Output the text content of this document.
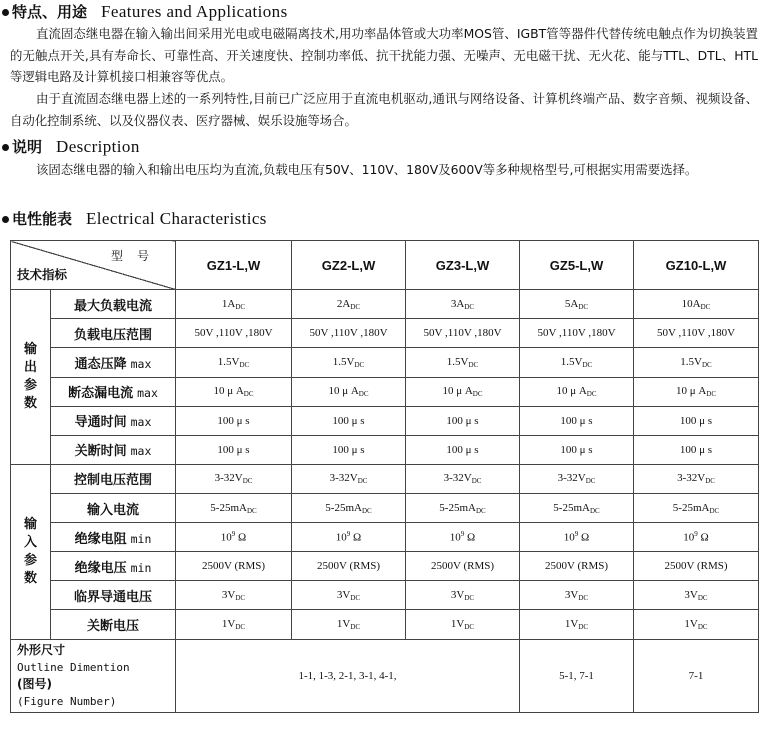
特点、用途 Features and Applications

直流固态继电器在输入输出间采用光电或电磁隔离技术,用功率晶体管或大功率MOS管、IGBT管等器件代替传统电触点作为切换装置的无触点开关,具有寿命长、可靠性高、开关速度快、控制功率低、抗干扰能力强、无噪声、无电磁干扰、无火花、能与TTL、DTL、HTL等逻辑电路及计算机接口相兼容等优点。

由于直流固态继电器上述的一系列特性,目前已广泛应用于直流电机驱动,通讯与网络设备、计算机终端产品、数字音频、视频设备、自动化控制系统、以及仪器仪表、医疗器械、娱乐设施等场合。

说明 Description

该固态继电器的输入和输出电压均为直流,负载电压有50V、110V、180V及600V等多种规格型号,可根据实用需要选择。

电性能表 Electrical Characteristics
型号
技术指标		GZ1-L,W	GZ2-L,W	GZ3-L,W	GZ5-L,W	GZ10-L,W

输出参数	最大负载电流	$1A_{DC}$	$2A_{DC}$	$3A_{DC}$	$5A_{DC}$	$10A_{DC}$
	负载电压范围	50V ,110V ,180V	50V ,110V ,180V	50V ,110V ,180V	50V ,110V ,180V	50V ,110V ,180V
	通态压降 max	$1.5V_{DC}$	$1.5V_{DC}$	$1.5V_{DC}$	$1.5V_{DC}$	$1.5V_{DC}$
	断态漏电流 max	10 μ $A_{DC}$	10 μ $A_{DC}$	10 μ $A_{DC}$	10 μ $A_{DC}$	10 μ $A_{DC}$
	导通时间 max	100 μ s	100 μ s	100 μ s	100 μ s	100 μ s
	关断时间 max	100 μ s	100 μ s	100 μ s	100 μ s	100 μ s

输入参数	控制电压范围	$3-32V_{DC}$	$3-32V_{DC}$	$3-32V_{DC}$	$3-32V_{DC}$	$3-32V_{DC}$
	输入电流	$5-25mA_{DC}$	$5-25mA_{DC}$	$5-25mA_{DC}$	$5-25mA_{DC}$	$5-25mA_{DC}$
	绝缘电阻 min	$10^9$ Ω	$10^9$ Ω	$10^9$ Ω	$10^9$ Ω	$10^9$ Ω
	绝缘电压 min	2500V (RMS)	2500V (RMS)	2500V (RMS)	2500V (RMS)	2500V (RMS)
	临界导通电压	$3V_{DC}$	$3V_{DC}$	$3V_{DC}$	$3V_{DC}$	$3V_{DC}$
	关断电压	$1V_{DC}$	$1V_{DC}$	$1V_{DC}$	$1V_{DC}$	$1V_{DC}$

外形尺寸
Outline Dimention
(图号)
(Figure Number)		1-1, 1-3, 2-1, 3-1, 4-1,			5-1, 7-1	7-1
